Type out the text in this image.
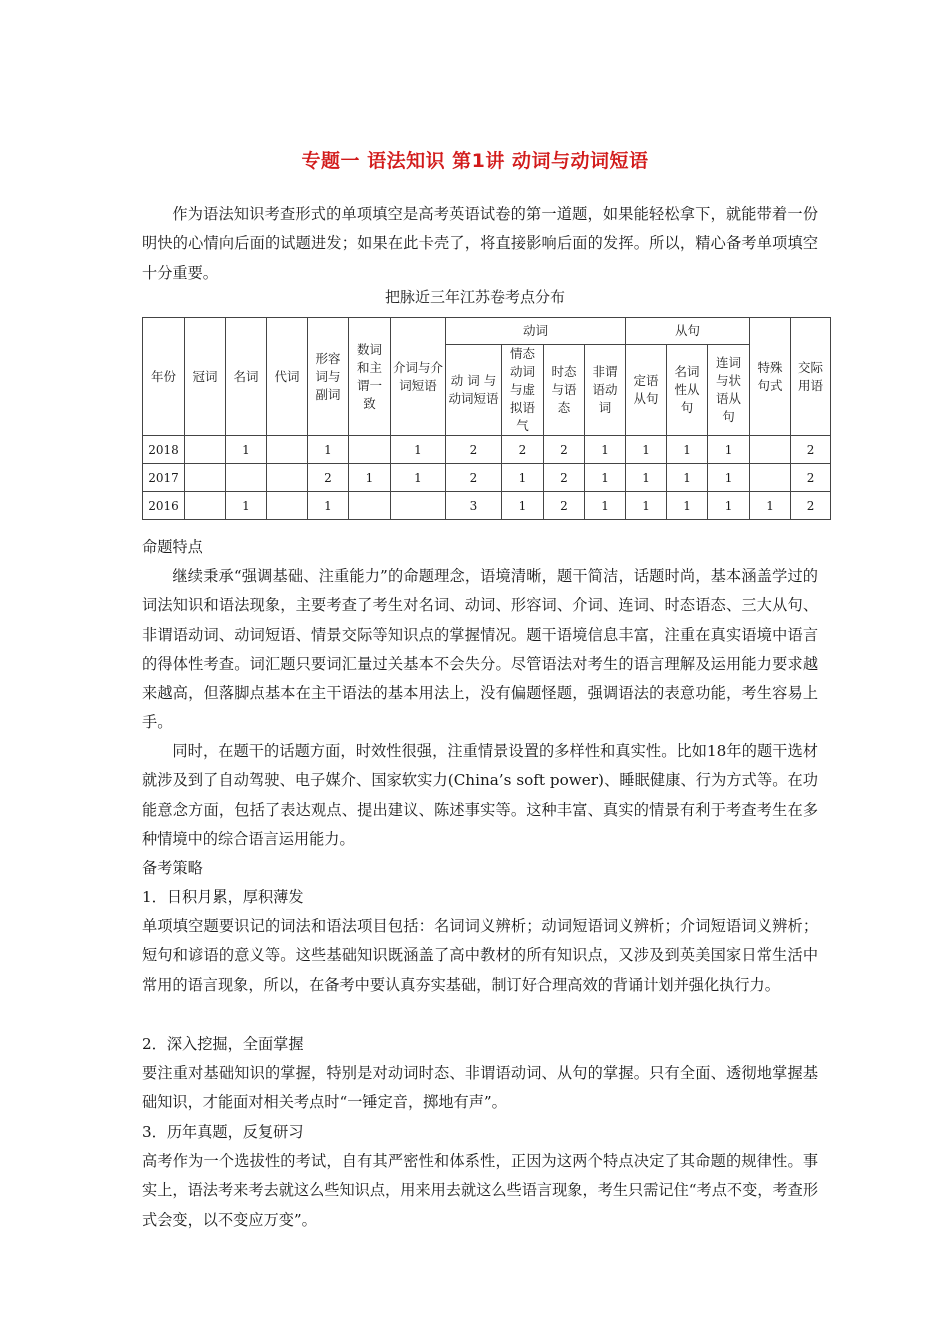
专题一 语法知识 第1讲 动词与动词短语

作为语法知识考查形式的单项填空是高考英语试卷的第一道题，如果能轻松拿下，就能带着一份明快的心情向后面的试题进发；如果在此卡壳了，将直接影响后面的发挥。所以，精心备考单项填空十分重要。

把脉近三年江苏卷考点分布
年份	冠词	名词	代词	形容词与副词	数词和主谓一致	介词与介词短语	动词				从句			特殊句式	交际用语
							动 词 与动词短语	情态动词与虚拟语气	时态与语态	非谓语动词	定语从句	名词性从句	连词与状语从句		
2018		1		1		1	2	2	2	1	1	1	1		2
2017				2	1	1	2	1	2	1	1	1	1		2
2016		1		1			3	1	2	1	1	1	1	1	2

命题特点

继续秉承“强调基础、注重能力”的命题理念，语境清晰，题干简洁，话题时尚，基本涵盖学过的词法知识和语法现象，主要考查了考生对名词、动词、形容词、介词、连词、时态语态、三大从句、非谓语动词、动词短语、情景交际等知识点的掌握情况。题干语境信息丰富，注重在真实语境中语言的得体性考查。词汇题只要词汇量过关基本不会失分。尽管语法对考生的语言理解及运用能力要求越来越高，但落脚点基本在主干语法的基本用法上，没有偏题怪题，强调语法的表意功能，考生容易上手。

同时，在题干的话题方面，时效性很强，注重情景设置的多样性和真实性。比如18年的题干选材就涉及到了自动驾驶、电子媒介、国家软实力(China’s soft power)、睡眠健康、行为方式等。在功能意念方面，包括了表达观点、提出建议、陈述事实等。这种丰富、真实的情景有利于考查考生在多种情境中的综合语言运用能力。

备考策略

1．日积月累，厚积薄发

单项填空题要识记的词法和语法项目包括：名词词义辨析；动词短语词义辨析；介词短语词义辨析；短句和谚语的意义等。这些基础知识既涵盖了高中教材的所有知识点，又涉及到英美国家日常生活中常用的语言现象，所以，在备考中要认真夯实基础，制订好合理高效的背诵计划并强化执行力。

2．深入挖掘，全面掌握

要注重对基础知识的掌握，特别是对动词时态、非谓语动词、从句的掌握。只有全面、透彻地掌握基础知识，才能面对相关考点时“一锤定音，掷地有声”。

3．历年真题，反复研习

高考作为一个选拔性的考试，自有其严密性和体系性，正因为这两个特点决定了其命题的规律性。事实上，语法考来考去就这么些知识点，用来用去就这么些语言现象，考生只需记住“考点不变，考查形式会变，以不变应万变”。
